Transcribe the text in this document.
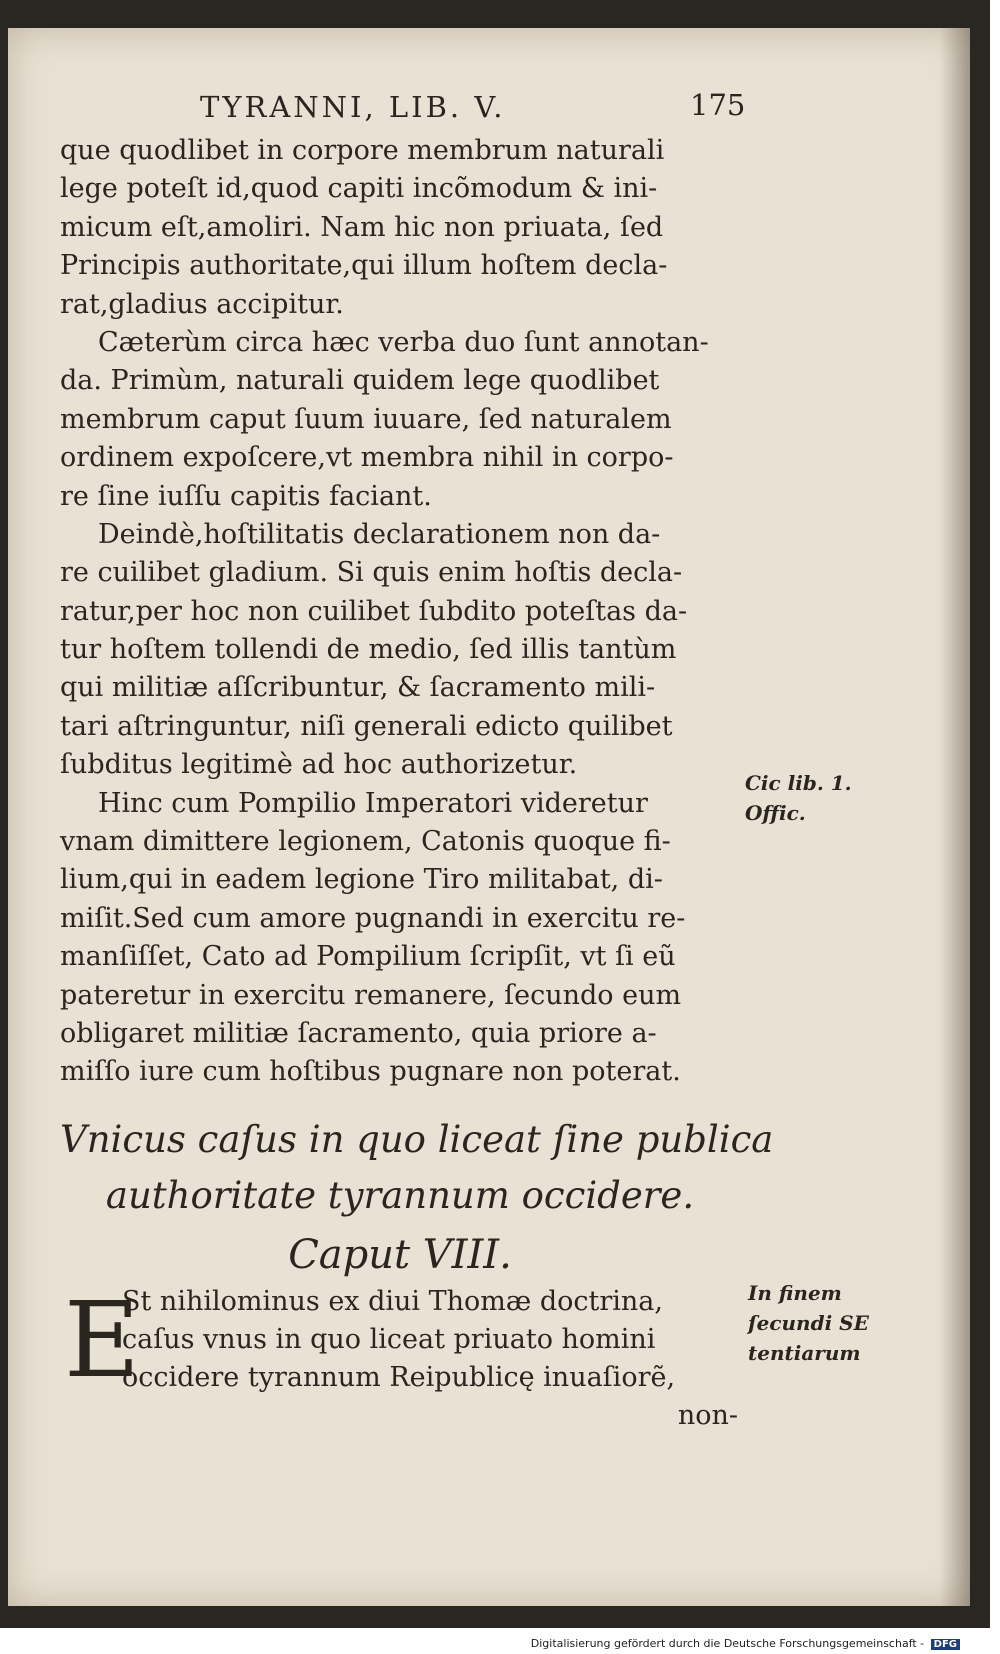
TYRANNI, LIB. V.	175
que quodlibet in corpore membrum naturali
lege poteſt id,quod capiti incõmodum & ini-
micum eſt,amoliri. Nam hic non priuata, ſed
Principis authoritate,qui illum hoſtem decla-
rat,gladius accipitur.
Cæterùm circa hæc verba duo ſunt annotan-
da. Primùm, naturali quidem lege quodlibet
membrum caput ſuum iuuare, ſed naturalem
ordinem expoſcere,vt membra nihil in corpo-
re ſine iuſſu capitis faciant.
Deindè,hoſtilitatis declarationem non da-
re cuilibet gladium. Si quis enim hoſtis decla-
ratur,per hoc non cuilibet ſubdito poteſtas da-
tur hoſtem tollendi de medio, ſed illis tantùm
qui militiæ aſſcribuntur, & ſacramento mili-
tari aſtringuntur, niſi generali edicto quilibet
ſubditus legitimè ad hoc authorizetur.
Hinc cum Pompilio Imperatori videretur
vnam dimittere legionem, Catonis quoque fi-
lium,qui in eadem legione Tiro militabat, di-
miſit.Sed cum amore pugnandi in exercitu re-
manſiſſet, Cato ad Pompilium ſcripſit, vt ſi eũ
pateretur in exercitu remanere, ſecundo eum
obligaret militiæ ſacramento, quia priore a-
miſſo iure cum hoſtibus pugnare non poterat.
Cic lib. 1.
Offic.
Vnicus caſus in quo liceat ſine publica
authoritate tyrannum occidere.
Caput VIII.
E
St nihilominus ex diui Thomæ doctrina,
caſus vnus in quo liceat priuato homini
occidere tyrannum Reipublicę inuaſiorẽ,
non-
In finem
ſecundi SE
tentiarum
Digitalisierung gefördert durch die Deutsche Forschungsgemeinschaft - DFG
